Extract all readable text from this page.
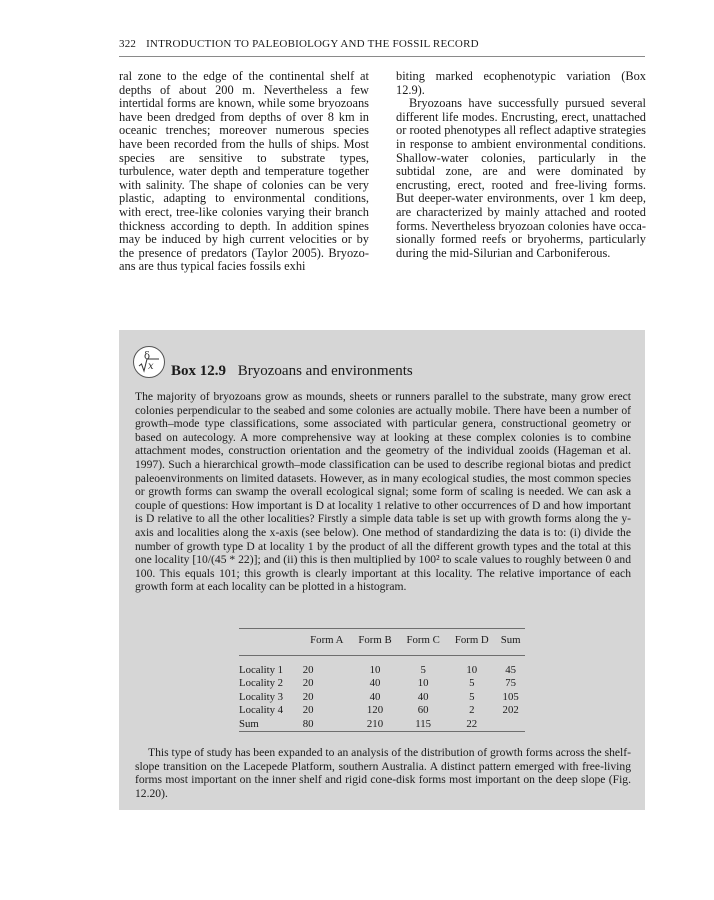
322 INTRODUCTION TO PALEOBIOLOGY AND THE FOSSIL RECORD

ral zone to the edge of the continental shelf at depths of about 200 m. Nevertheless a few intertidal forms are known, while some bryozoans have been dredged from depths of over 8 km in oceanic trenches; moreover numerous species have been recorded from the hulls of ships. Most species are sensitive to substrate types, turbulence, water depth and temperature together with salinity. The shape of colonies can be very plastic, adapting to environmental conditions, with erect, tree-like colonies varying their branch thickness according to depth. In addition spines may be induced by high current velocities or by the presence of predators (Taylor 2005). Bryozoans are thus typical facies fossils exhi

biting marked ecophenotypic variation (Box 12.9).

Bryozoans have successfully pursued several different life modes. Encrusting, erect, unattached or rooted phenotypes all reflect adaptive strategies in response to ambient environmental conditions. Shallow-water colonies, particularly in the subtidal zone, are and were dominated by encrusting, erect, rooted and free-living forms. But deeper-water environments, over 1 km deep, are characterized by mainly attached and rooted forms. Nevertheless bryozoan colonies have occasionally formed reefs or bryoherms, particularly during the mid-Silurian and Carboniferous.

δ
x Box 12.9 Bryozoans and environments

The majority of bryozoans grow as mounds, sheets or runners parallel to the substrate, many grow erect colonies perpendicular to the seabed and some colonies are actually mobile. There have been a number of growth–mode type classifications, some associated with particular genera, constructional geometry or based on autecology. A more comprehensive way at looking at these complex colonies is to combine attachment modes, construction orientation and the geometry of the individual zooids (Hageman et al. 1997). Such a hierarchical growth–mode classification can be used to describe regional biotas and predict paleoenvironments on limited datasets. However, as in many ecological studies, the most common species or growth forms can swamp the overall ecological signal; some form of scaling is needed. We can ask a couple of questions: How important is D at locality 1 relative to other occurrences of D and how important is D relative to all the other localities? Firstly a simple data table is set up with growth forms along the y-axis and localities along the x-axis (see below). One method of standardizing the data is to: (i) divide the number of growth type D at locality 1 by the product of all the different growth types and the total at this one locality [10/(45 * 22)]; and (ii) this is then multiplied by 100² to scale values to roughly between 0 and 100. This equals 101; this growth is clearly important at this locality. The relative importance of each growth form at each locality can be plotted in a histogram.

	Form A	Form B	Form C	Form D	Sum
Locality 1	20	10	5	10	45
Locality 2	20	40	10	5	75
Locality 3	20	40	40	5	105
Locality 4	20	120	60	2	202
Sum	80	210	115	22	
This type of study has been expanded to an analysis of the distribution of growth forms across the shelf-slope transition on the Lacepede Platform, southern Australia. A distinct pattern emerged with free-living forms most important on the inner shelf and rigid cone-disk forms most important on the deep slope (Fig. 12.20).
